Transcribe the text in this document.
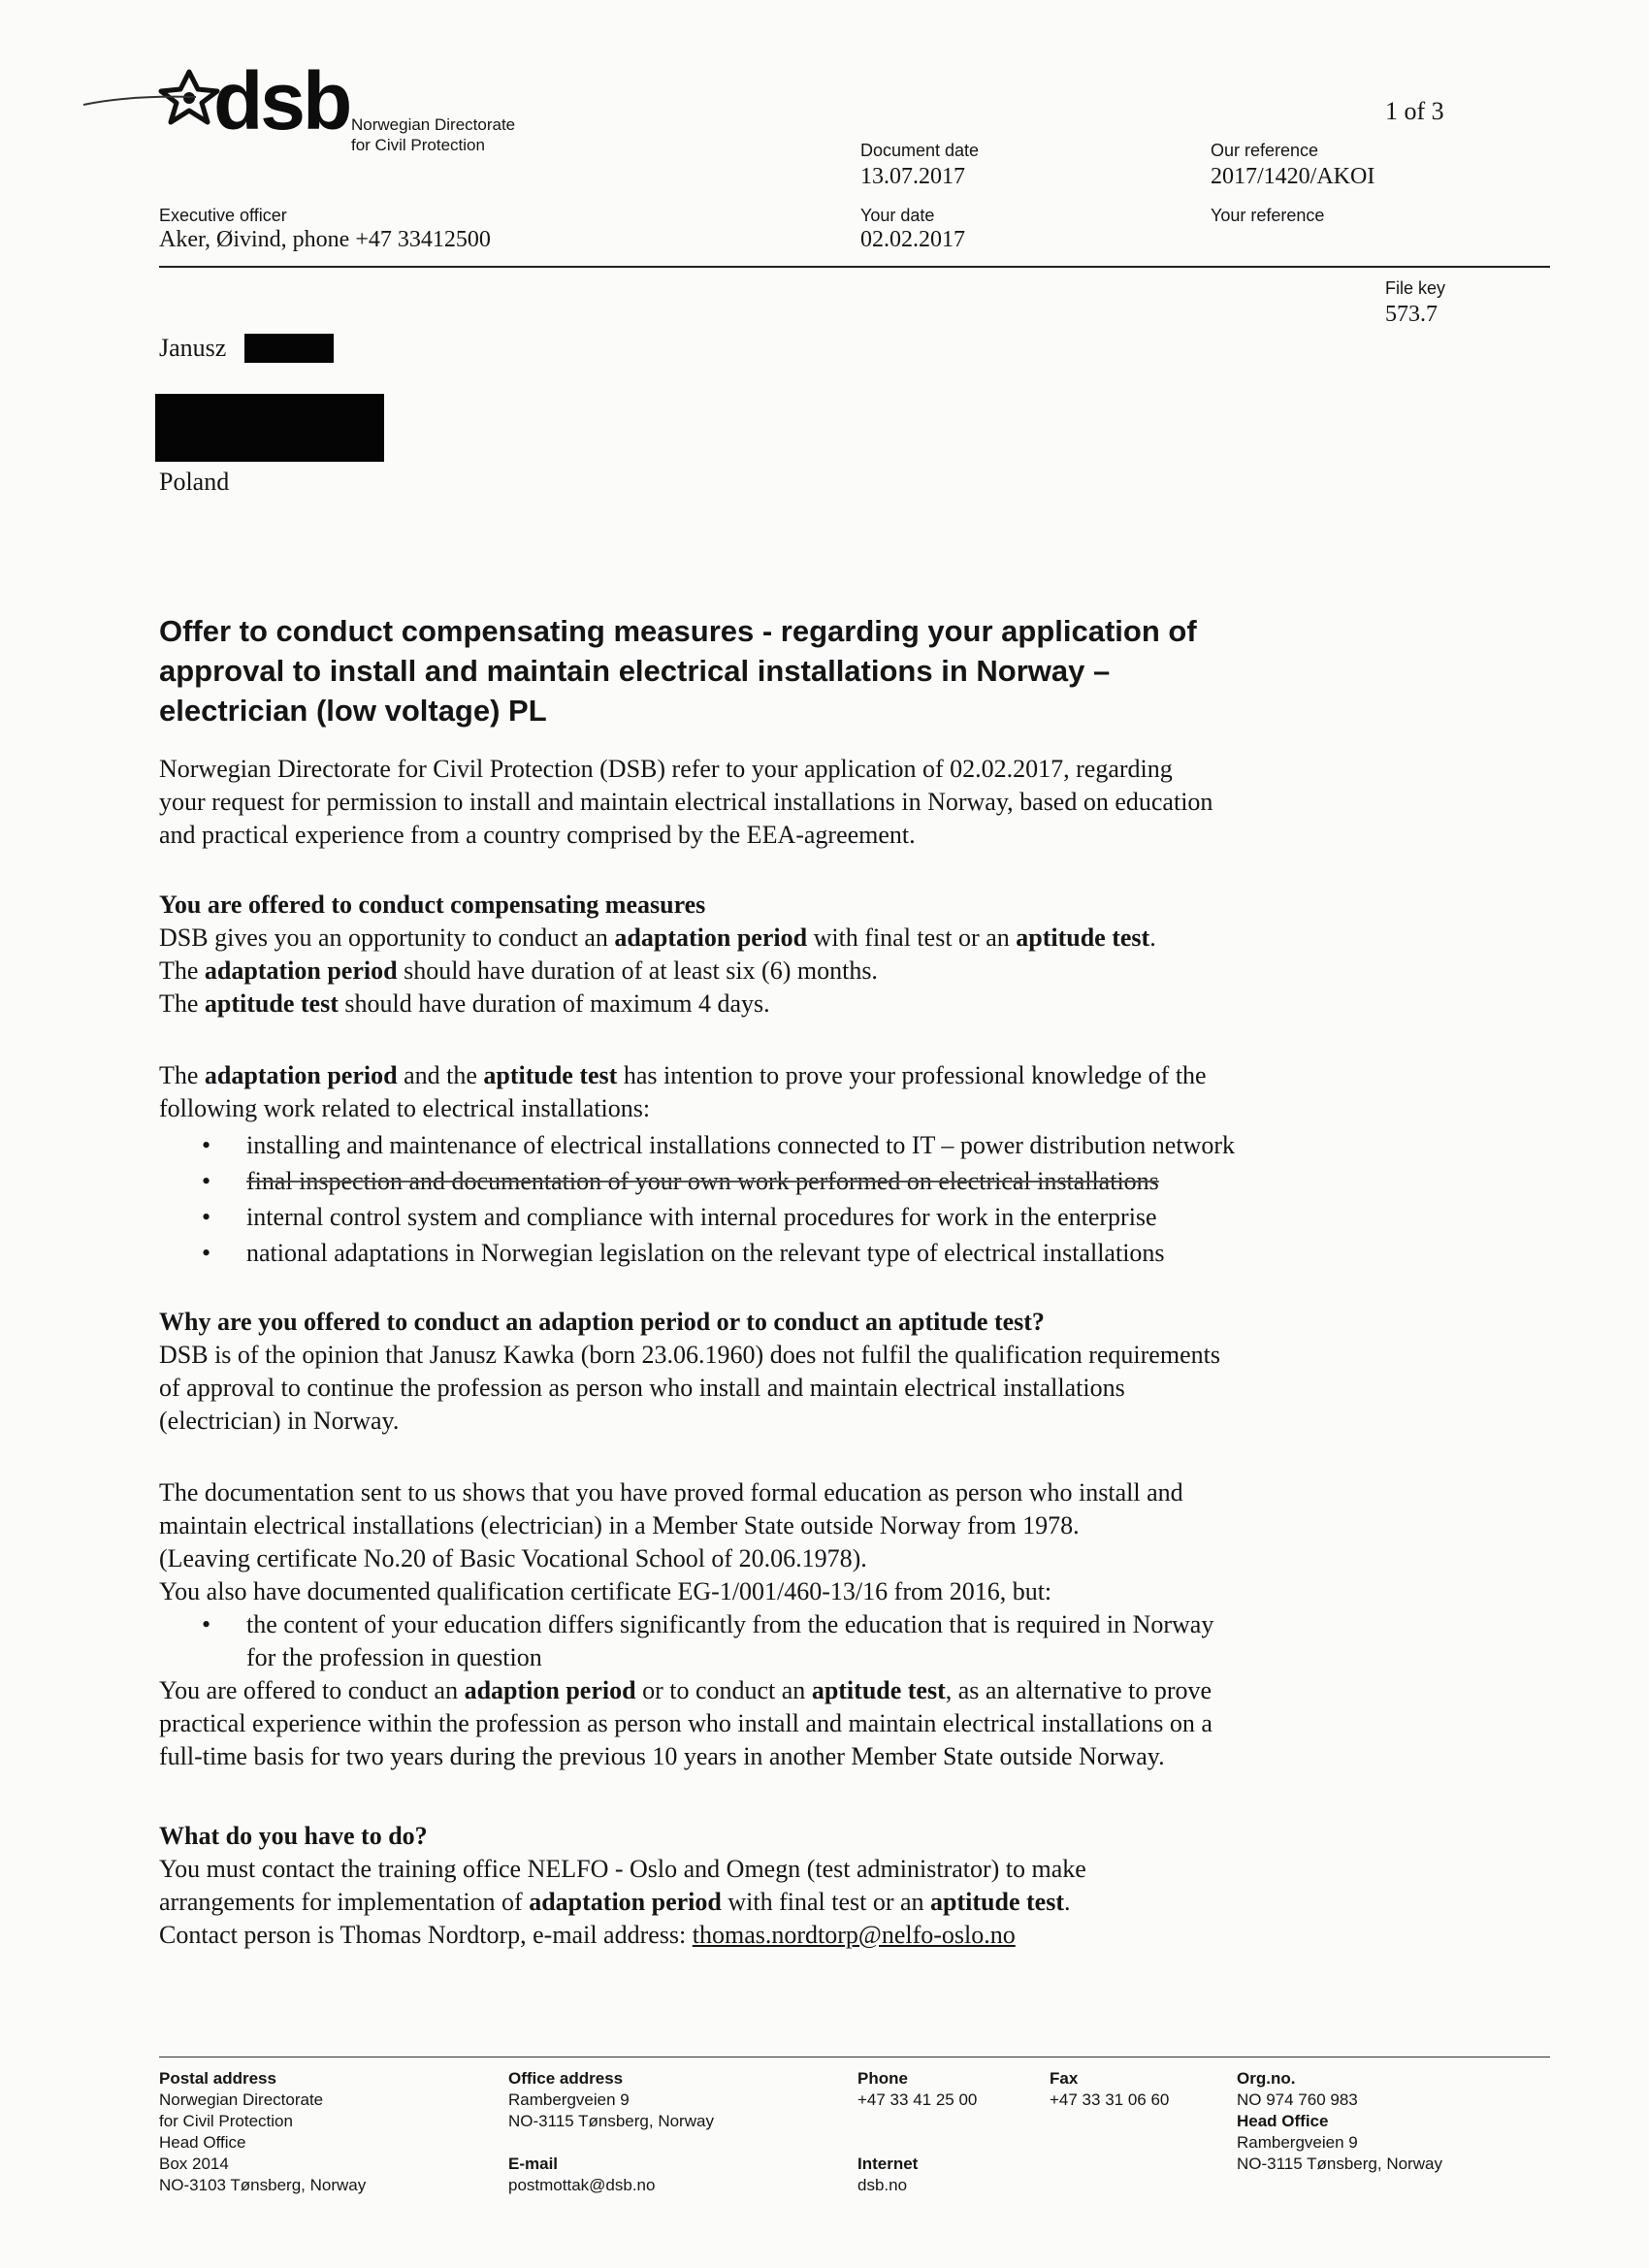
dsb Norwegian Directorate
for Civil Protection
1 of 3
Document date
13.07.2017
Our reference
2017/1420/AKOI
Executive officer
Aker, Øivind, phone +47 33412500
Your date
02.02.2017
Your reference
File key
573.7
Janusz
Poland
Offer to conduct compensating measures - regarding your application of
approval to install and maintain electrical installations in Norway –
electrician (low voltage) PL

Norwegian Directorate for Civil Protection (DSB) refer to your application of 02.02.2017, regarding

your request for permission to install and maintain electrical installations in Norway, based on education

and practical experience from a country comprised by the EEA-agreement.

You are offered to conduct compensating measures

DSB gives you an opportunity to conduct an adaptation period with final test or an aptitude test.

The adaptation period should have duration of at least six (6) months.

The aptitude test should have duration of maximum 4 days.

The adaptation period and the aptitude test has intention to prove your professional knowledge of the

following work related to electrical installations:

• installing and maintenance of electrical installations connected to IT – power distribution network
• final inspection and documentation of your own work performed on electrical installations
• internal control system and compliance with internal procedures for work in the enterprise
• national adaptations in Norwegian legislation on the relevant type of electrical installations

Why are you offered to conduct an adaption period or to conduct an aptitude test?

DSB is of the opinion that Janusz Kawka (born 23.06.1960) does not fulfil the qualification requirements

of approval to continue the profession as person who install and maintain electrical installations

(electrician) in Norway.

The documentation sent to us shows that you have proved formal education as person who install and

maintain electrical installations (electrician) in a Member State outside Norway from 1978.

(Leaving certificate No.20 of Basic Vocational School of 20.06.1978).

You also have documented qualification certificate EG-1/001/460-13/16 from 2016, but:

• the content of your education differs significantly from the education that is required in Norway
for the profession in question

You are offered to conduct an adaption period or to conduct an aptitude test, as an alternative to prove

practical experience within the profession as person who install and maintain electrical installations on a

full-time basis for two years during the previous 10 years in another Member State outside Norway.

What do you have to do?

You must contact the training office NELFO - Oslo and Omegn (test administrator) to make

arrangements for implementation of adaptation period with final test or an aptitude test.

Contact person is Thomas Nordtorp, e-mail address: thomas.nordtorp@nelfo-oslo.no

Postal address
Norwegian Directorate
for Civil Protection
Head Office
Box 2014
NO-3103 Tønsberg, Norway
Office address
Rambergveien 9
NO-3115 Tønsberg, Norway
E-mail
postmottak@dsb.no
Phone
+47 33 41 25 00
Internet
dsb.no
Fax
+47 33 31 06 60
Org.no.
NO 974 760 983
Head Office
Rambergveien 9
NO-3115 Tønsberg, Norway
